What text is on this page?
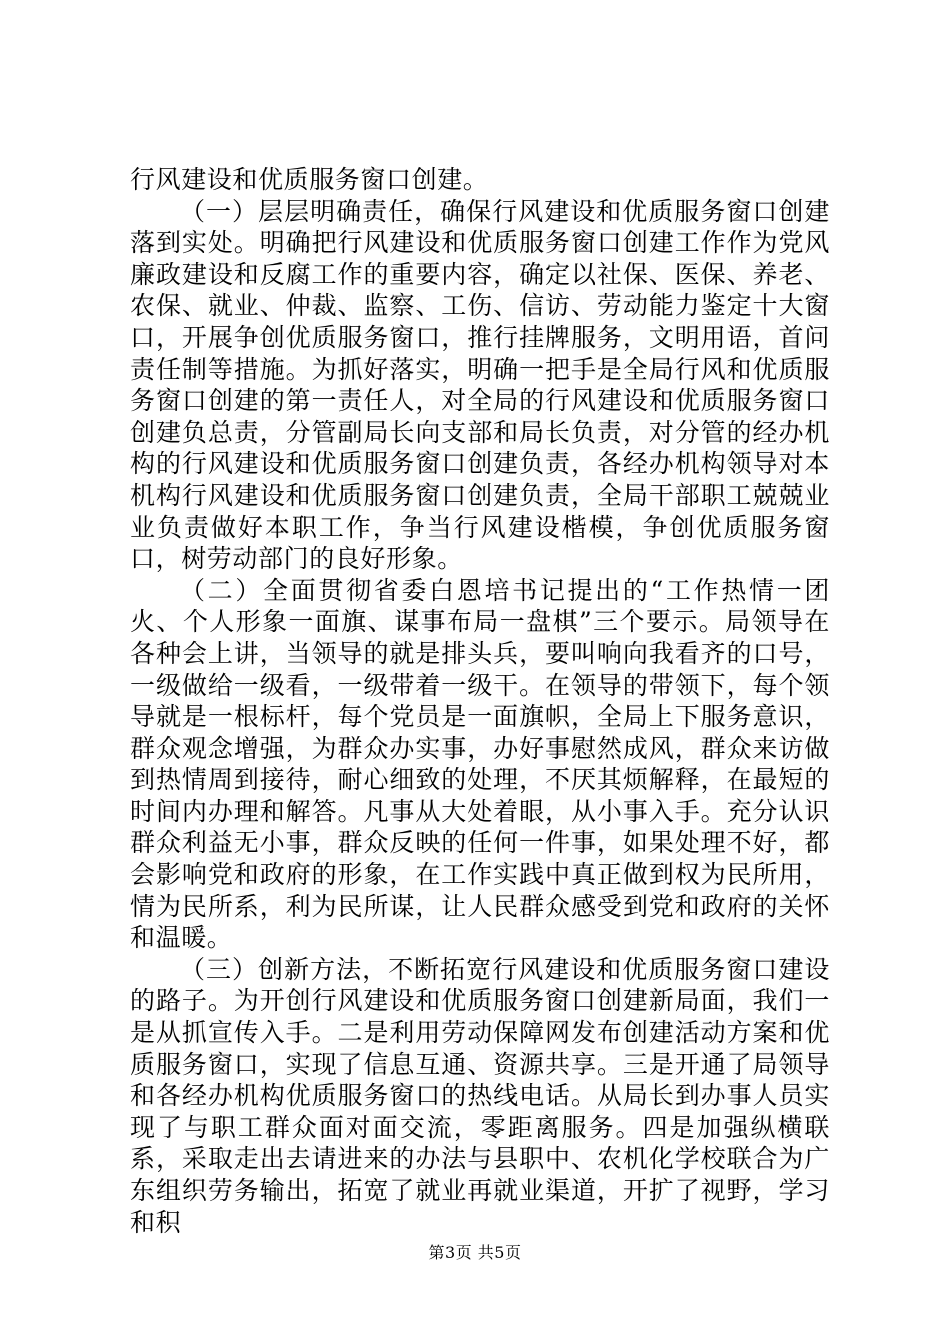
行风建设和优质服务窗口创建。

（一）层层明确责任，确保行风建设和优质服务窗口创建落到实处。明确把行风建设和优质服务窗口创建工作作为党风廉政建设和反腐工作的重要内容，确定以社保、医保、养老、农保、就业、仲裁、监察、工伤、信访、劳动能力鉴定十大窗口，开展争创优质服务窗口，推行挂牌服务，文明用语，首问责任制等措施。为抓好落实，明确一把手是全局行风和优质服务窗口创建的第一责任人，对全局的行风建设和优质服务窗口创建负总责，分管副局长向支部和局长负责，对分管的经办机构的行风建设和优质服务窗口创建负责，各经办机构领导对本机构行风建设和优质服务窗口创建负责，全局干部职工兢兢业业负责做好本职工作，争当行风建设楷模，争创优质服务窗口，树劳动部门的良好形象。

（二）全面贯彻省委白恩培书记提出的“工作热情一团火、个人形象一面旗、谋事布局一盘棋”三个要示。局领导在各种会上讲，当领导的就是排头兵，要叫响向我看齐的口号，一级做给一级看，一级带着一级干。在领导的带领下，每个领导就是一根标杆，每个党员是一面旗帜，全局上下服务意识，群众观念增强，为群众办实事，办好事慰然成风，群众来访做到热情周到接待，耐心细致的处理，不厌其烦解释，在最短的时间内办理和解答。凡事从大处着眼，从小事入手。充分认识群众利益无小事，群众反映的任何一件事，如果处理不好，都会影响党和政府的形象，在工作实践中真正做到权为民所用，情为民所系，利为民所谋，让人民群众感受到党和政府的关怀和温暖。

（三）创新方法，不断拓宽行风建设和优质服务窗口建设的路子。为开创行风建设和优质服务窗口创建新局面，我们一是从抓宣传入手。二是利用劳动保障网发布创建活动方案和优质服务窗口，实现了信息互通、资源共享。三是开通了局领导和各经办机构优质服务窗口的热线电话。从局长到办事人员实现了与职工群众面对面交流，零距离服务。四是加强纵横联系，采取走出去请进来的办法与县职中、农机化学校联合为广东组织劳务输出，拓宽了就业再就业渠道，开扩了视野，学习和积

第3页 共5页
